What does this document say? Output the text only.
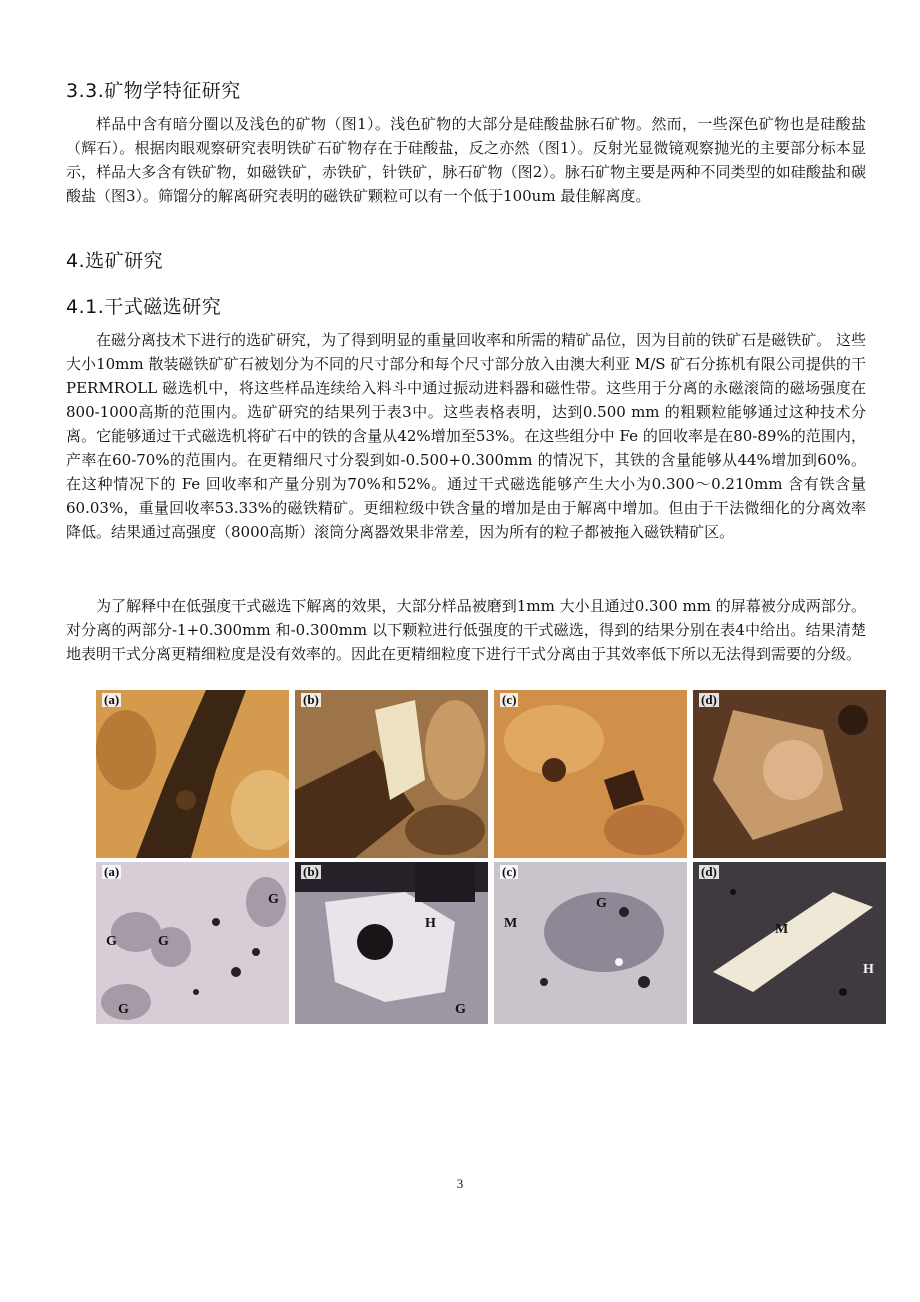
3.3.矿物学特征研究

样品中含有暗分圈以及浅色的矿物（图1）。浅色矿物的大部分是硅酸盐脉石矿物。然而，一些深色矿物也是硅酸盐（辉石）。根据肉眼观察研究表明铁矿石矿物存在于硅酸盐，反之亦然（图1）。反射光显微镜观察抛光的主要部分标本显示，样品大多含有铁矿物，如磁铁矿，赤铁矿，针铁矿，脉石矿物（图2）。脉石矿物主要是两种不同类型的如硅酸盐和碳酸盐（图3）。筛馏分的解离研究表明的磁铁矿颗粒可以有一个低于100um 最佳解离度。

4.选矿研究
4.1.干式磁选研究

在磁分离技术下进行的选矿研究，为了得到明显的重量回收率和所需的精矿品位，因为目前的铁矿石是磁铁矿。 这些大小10mm 散装磁铁矿矿石被划分为不同的尺寸部分和每个尺寸部分放入由澳大利亚 M/S 矿石分拣机有限公司提供的干 PERMROLL 磁选机中，将这些样品连续给入料斗中通过振动进料器和磁性带。这些用于分离的永磁滚筒的磁场强度在800-1000高斯的范围内。选矿研究的结果列于表3中。这些表格表明，达到0.500 mm 的粗颗粒能够通过这种技术分离。它能够通过干式磁选机将矿石中的铁的含量从42%增加至53%。在这些组分中 Fe 的回收率是在80-89%的范围内，产率在60-70%的范围内。在更精细尺寸分裂到如-0.500+0.300mm 的情况下，其铁的含量能够从44%增加到60%。在这种情况下的 Fe 回收率和产量分别为70%和52%。通过干式磁选能够产生大小为0.300～0.210mm 含有铁含量60.03%，重量回收率53.33%的磁铁精矿。更细粒级中铁含量的增加是由于解离中增加。但由于干法微细化的分离效率降低。结果通过高强度（8000高斯）滚筒分离器效果非常差，因为所有的粒子都被拖入磁铁精矿区。

为了解释中在低强度干式磁选下解离的效果，大部分样品被磨到1mm 大小且通过0.300 mm 的屏幕被分成两部分。对分离的两部分-1+0.300mm 和-0.300mm 以下颗粒进行低强度的干式磁选，得到的结果分别在表4中给出。结果清楚地表明干式分离更精细粒度是没有效率的。因此在更精细粒度下进行干式分离由于其效率低下所以无法得到需要的分级。

(a)	(b)	(c)	(d)
(a)
G
G	G
G
(b)
H
G
(c)
M
G
(d)
M
H
3
